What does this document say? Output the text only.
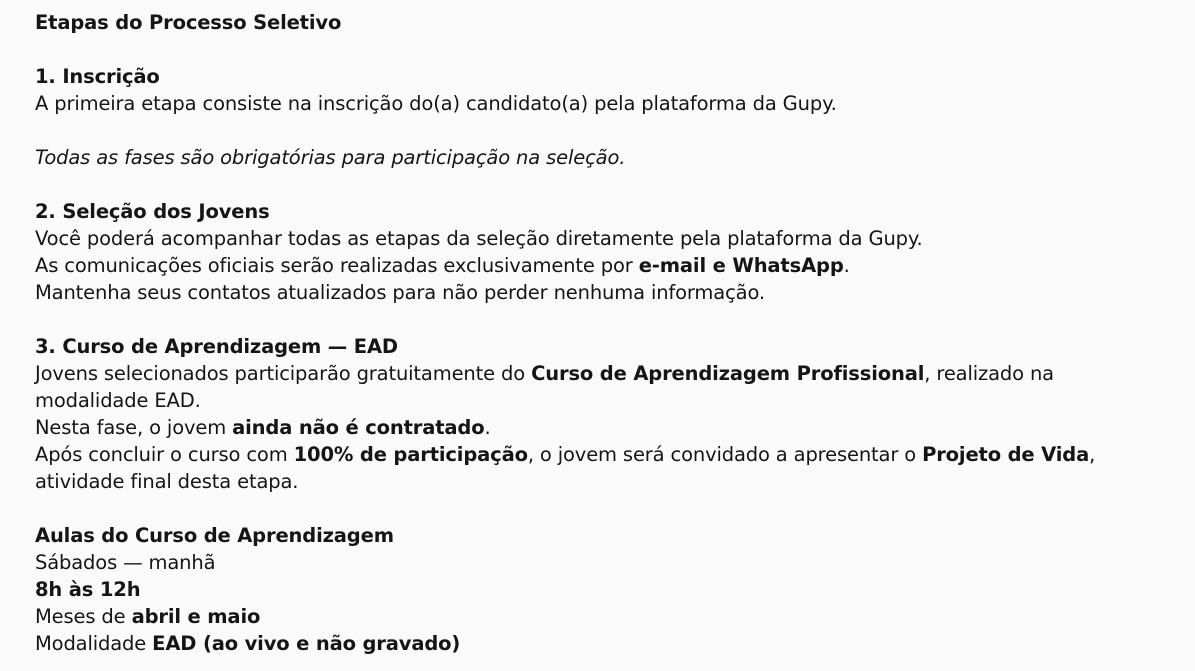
Etapas do Processo Seletivo

1. Inscrição

A primeira etapa consiste na inscrição do(a) candidato(a) pela plataforma da Gupy.

Todas as fases são obrigatórias para participação na seleção.

2. Seleção dos Jovens

Você poderá acompanhar todas as etapas da seleção diretamente pela plataforma da Gupy.

As comunicações oficiais serão realizadas exclusivamente por e-mail e WhatsApp.

Mantenha seus contatos atualizados para não perder nenhuma informação.

3. Curso de Aprendizagem — EAD

Jovens selecionados participarão gratuitamente do Curso de Aprendizagem Profissional, realizado na modalidade EAD.

Nesta fase, o jovem ainda não é contratado.

Após concluir o curso com 100% de participação, o jovem será convidado a apresentar o Projeto de Vida, atividade final desta etapa.

Aulas do Curso de Aprendizagem

Sábados — manhã

8h às 12h

Meses de abril e maio

Modalidade EAD (ao vivo e não gravado)
